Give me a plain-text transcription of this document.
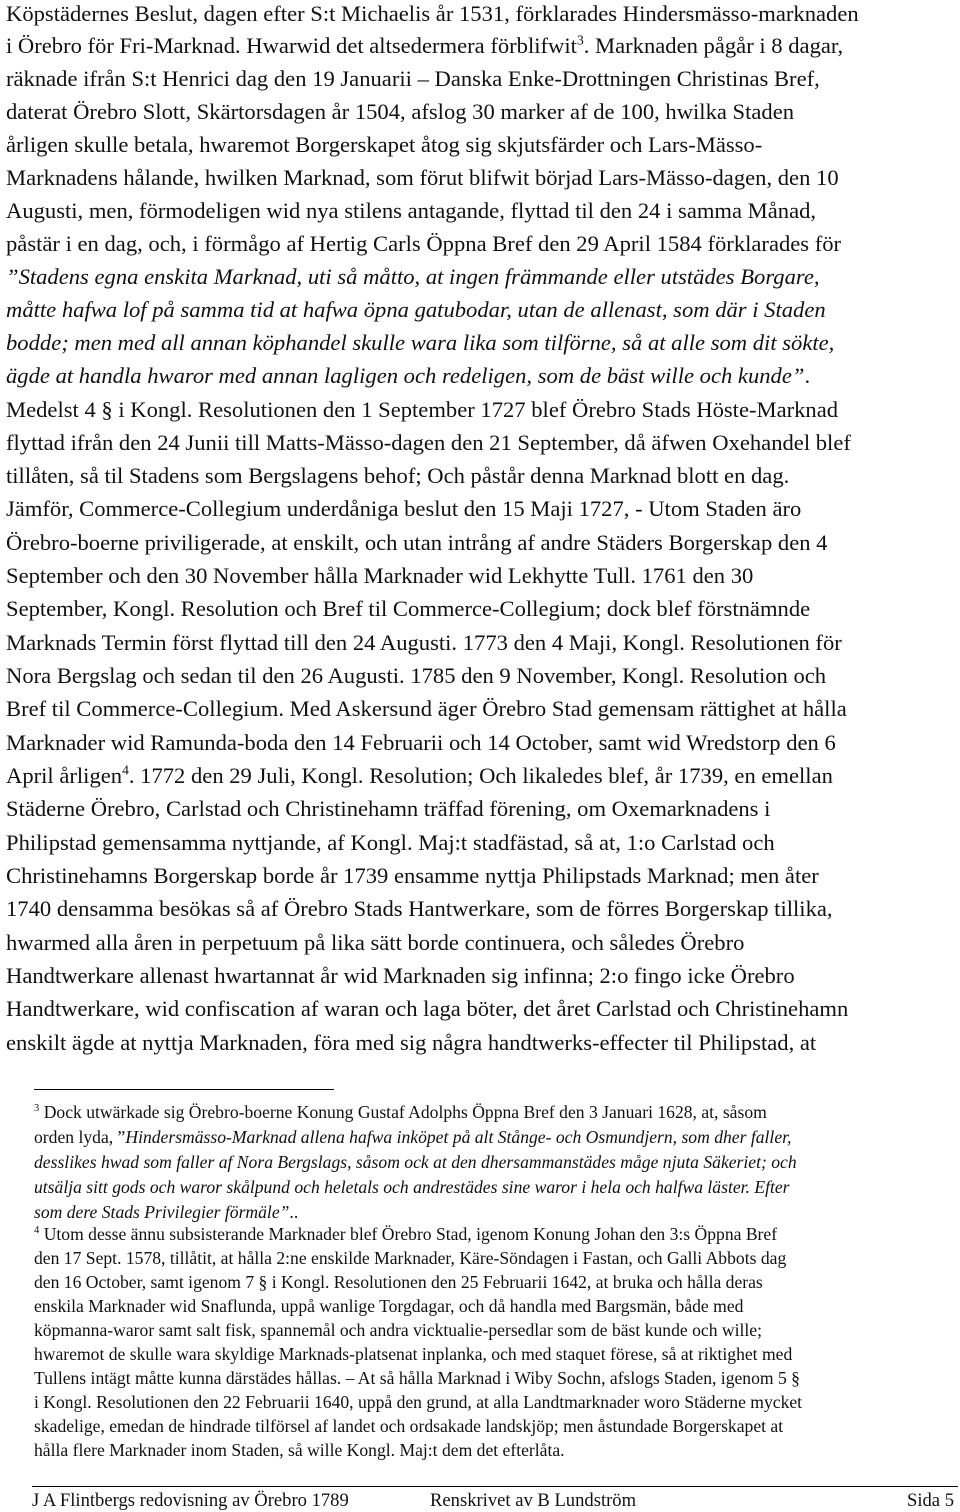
Köpstädernes Beslut, dagen efter S:t Michaelis år 1531, förklarades Hindersmässo-marknaden
i Örebro för Fri-Marknad. Hwarwid det altsedermera förblifwit$^3$. Marknaden pågår i 8 dagar,
räknade ifrån S:t Henrici dag den 19 Januarii – Danska Enke-Drottningen Christinas Bref,
daterat Örebro Slott, Skärtorsdagen år 1504, afslog 30 marker af de 100, hwilka Staden
årligen skulle betala, hwaremot Borgerskapet åtog sig skjutsfärder och Lars-Mässo-
Marknadens hålande, hwilken Marknad, som förut blifwit börjad Lars-Mässo-dagen, den 10
Augusti, men, förmodeligen wid nya stilens antagande, flyttad til den 24 i samma Månad,
påstär i en dag, och, i förmågo af Hertig Carls Öppna Bref den 29 April 1584 förklarades för
”Stadens egna enskita Marknad, uti så måtto, at ingen främmande eller utstädes Borgare,
måtte hafwa lof på samma tid at hafwa öpna gatubodar, utan de allenast, som där i Staden
bodde; men med all annan köphandel skulle wara lika som tilförne, så at alle som dit sökte,
ägde at handla hwaror med annan lagligen och redeligen, som de bäst wille och kunde”.
Medelst 4 § i Kongl. Resolutionen den 1 September 1727 blef Örebro Stads Höste-Marknad
flyttad ifrån den 24 Junii till Matts-Mässo-dagen den 21 September, då äfwen Oxehandel blef
tillåten, så til Stadens som Bergslagens behof; Och påstår denna Marknad blott en dag.
Jämför, Commerce-Collegium underdåniga beslut den 15 Maji 1727, - Utom Staden äro
Örebro-boerne priviligerade, at enskilt, och utan intrång af andre Städers Borgerskap den 4
September och den 30 November hålla Marknader wid Lekhytte Tull. 1761 den 30
September, Kongl. Resolution och Bref til Commerce-Collegium; dock blef förstnämnde
Marknads Termin först flyttad till den 24 Augusti. 1773 den 4 Maji, Kongl. Resolutionen för
Nora Bergslag och sedan til den 26 Augusti. 1785 den 9 November, Kongl. Resolution och
Bref til Commerce-Collegium. Med Askersund äger Örebro Stad gemensam rättighet at hålla
Marknader wid Ramunda-boda den 14 Februarii och 14 October, samt wid Wredstorp den 6
April årligen$^4$. 1772 den 29 Juli, Kongl. Resolution; Och likaledes blef, år 1739, en emellan
Städerne Örebro, Carlstad och Christinehamn träffad förening, om Oxemarknadens i
Philipstad gemensamma nyttjande, af Kongl. Maj:t stadfästad, så at, 1:o Carlstad och
Christinehamns Borgerskap borde år 1739 ensamme nyttja Philipstads Marknad; men åter
1740 densamma besökas så af Örebro Stads Hantwerkare, som de förres Borgerskap tillika,
hwarmed alla åren in perpetuum på lika sätt borde continuera, och således Örebro
Handtwerkare allenast hwartannat år wid Marknaden sig infinna; 2:o fingo icke Örebro
Handtwerkare, wid confiscation af waran och laga böter, det året Carlstad och Christinehamn
enskilt ägde at nyttja Marknaden, föra med sig några handtwerks-effecter til Philipstad, at
$^3$ Dock utwärkade sig Örebro-boerne Konung Gustaf Adolphs Öppna Bref den 3 Januari 1628, at, såsom
orden lyda, ”Hindersmässo-Marknad allena hafwa inköpet på alt Stånge- och Osmundjern, som dher faller,
desslikes hwad som faller af Nora Bergslags, såsom ock at den dhersammanstädes måge njuta Säkeriet; och
utsälja sitt gods och waror skålpund och heletals och andrestädes sine waror i hela och halfwa läster. Efter
som dere Stads Privilegier förmäle”..
$^4$ Utom desse ännu subsisterande Marknader blef Örebro Stad, igenom Konung Johan den 3:s Öppna Bref
den 17 Sept. 1578, tillåtit, at hålla 2:ne enskilde Marknader, Käre-Söndagen i Fastan, och Galli Abbots dag
den 16 October, samt igenom 7 § i Kongl. Resolutionen den 25 Februarii 1642, at bruka och hålla deras
enskila Marknader wid Snaflunda, uppå wanlige Torgdagar, och då handla med Bargsmän, både med
köpmanna-waror samt salt fisk, spannemål och andra vicktualie-persedlar som de bäst kunde och wille;
hwaremot de skulle wara skyldige Marknads-platsenat inplanka, och med staquet förese, så at riktighet med
Tullens intägt måtte kunna därstädes hållas. – At så hålla Marknad i Wiby Sochn, afslogs Staden, igenom 5 §
i Kongl. Resolutionen den 22 Februarii 1640, uppå den grund, at alla Landtmarknader woro Städerne mycket
skadelige, emedan de hindrade tilförsel af landet och ordsakade landskjöp; men åstundade Borgerskapet at
hålla flere Marknader inom Staden, så wille Kongl. Maj:t dem det efterlåta.
J A Flintbergs redovisning av Örebro 1789	Renskrivet av B Lundström	Sida 5
